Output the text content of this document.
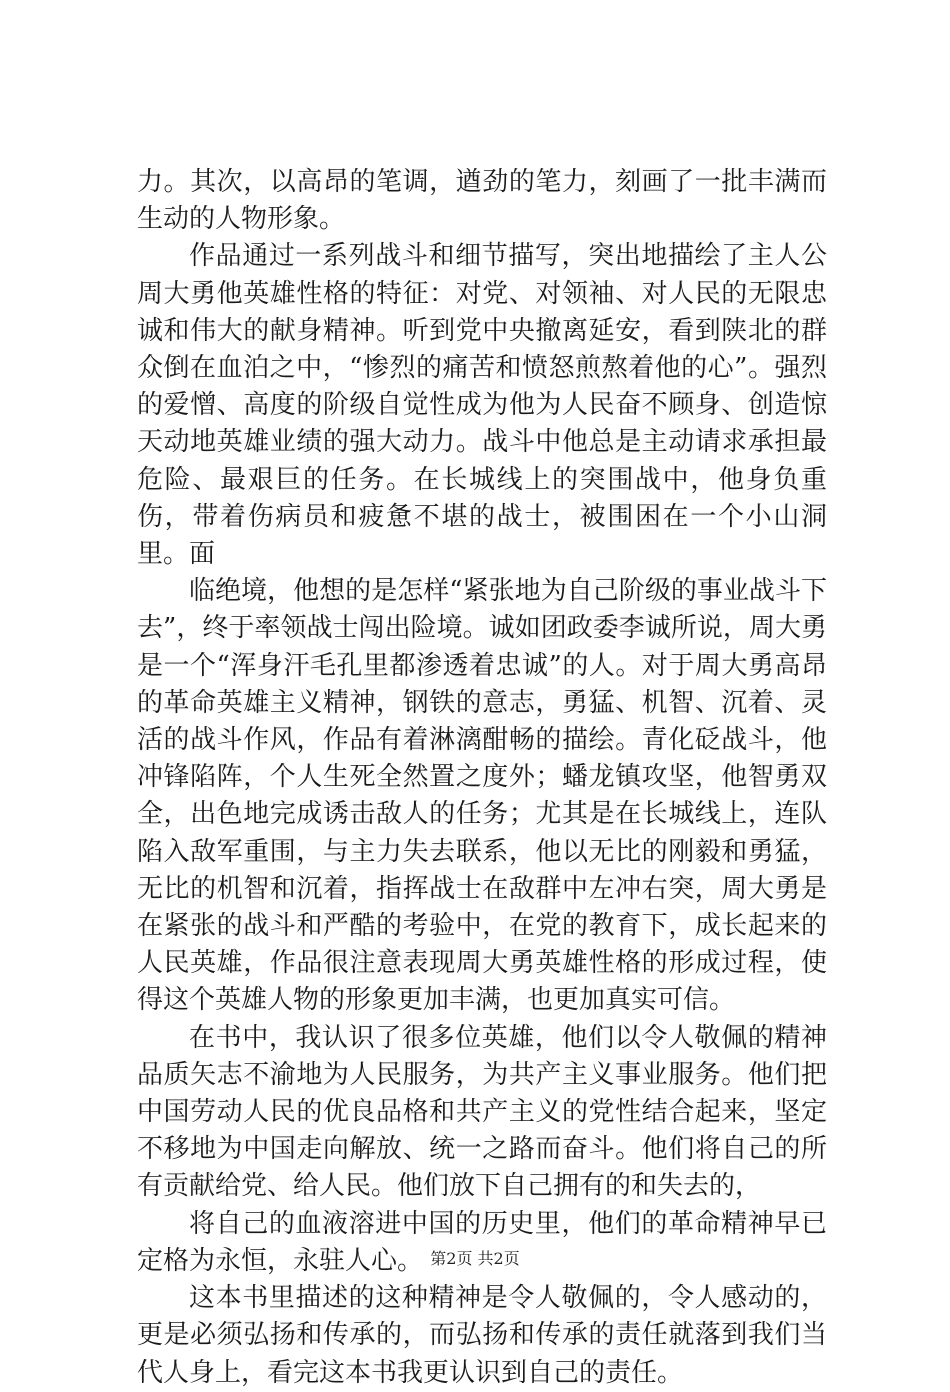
力。其次，以高昂的笔调，遒劲的笔力，刻画了一批丰满而生动的人物形象。

作品通过一系列战斗和细节描写，突出地描绘了主人公周大勇他英雄性格的特征：对党、对领袖、对人民的无限忠诚和伟大的献身精神。听到党中央撤离延安，看到陕北的群众倒在血泊之中，“惨烈的痛苦和愤怒煎熬着他的心”。强烈的爱憎、高度的阶级自觉性成为他为人民奋不顾身、创造惊天动地英雄业绩的强大动力。战斗中他总是主动请求承担最危险、最艰巨的任务。在长城线上的突围战中，他身负重伤，带着伤病员和疲惫不堪的战士，被围困在一个小山洞里。面

临绝境，他想的是怎样“紧张地为自己阶级的事业战斗下去”，终于率领战士闯出险境。诚如团政委李诚所说，周大勇是一个“浑身汗毛孔里都渗透着忠诚”的人。对于周大勇高昂的革命英雄主义精神，钢铁的意志，勇猛、机智、沉着、灵活的战斗作风，作品有着淋漓酣畅的描绘。青化砭战斗，他冲锋陷阵，个人生死全然置之度外；蟠龙镇攻坚，他智勇双全，出色地完成诱击敌人的任务；尤其是在长城线上，连队陷入敌军重围，与主力失去联系，他以无比的刚毅和勇猛，无比的机智和沉着，指挥战士在敌群中左冲右突，周大勇是在紧张的战斗和严酷的考验中，在党的教育下，成长起来的人民英雄，作品很注意表现周大勇英雄性格的形成过程，使得这个英雄人物的形象更加丰满，也更加真实可信。

在书中，我认识了很多位英雄，他们以令人敬佩的精神品质矢志不渝地为人民服务，为共产主义事业服务。他们把中国劳动人民的优良品格和共产主义的党性结合起来，坚定不移地为中国走向解放、统一之路而奋斗。他们将自己的所有贡献给党、给人民。他们放下自己拥有的和失去的，

将自己的血液溶进中国的历史里，他们的革命精神早已定格为永恒，永驻人心。

这本书里描述的这种精神是令人敬佩的，令人感动的，更是必须弘扬和传承的，而弘扬和传承的责任就落到我们当代人身上，看完这本书我更认识到自己的责任。

第2页 共2页
